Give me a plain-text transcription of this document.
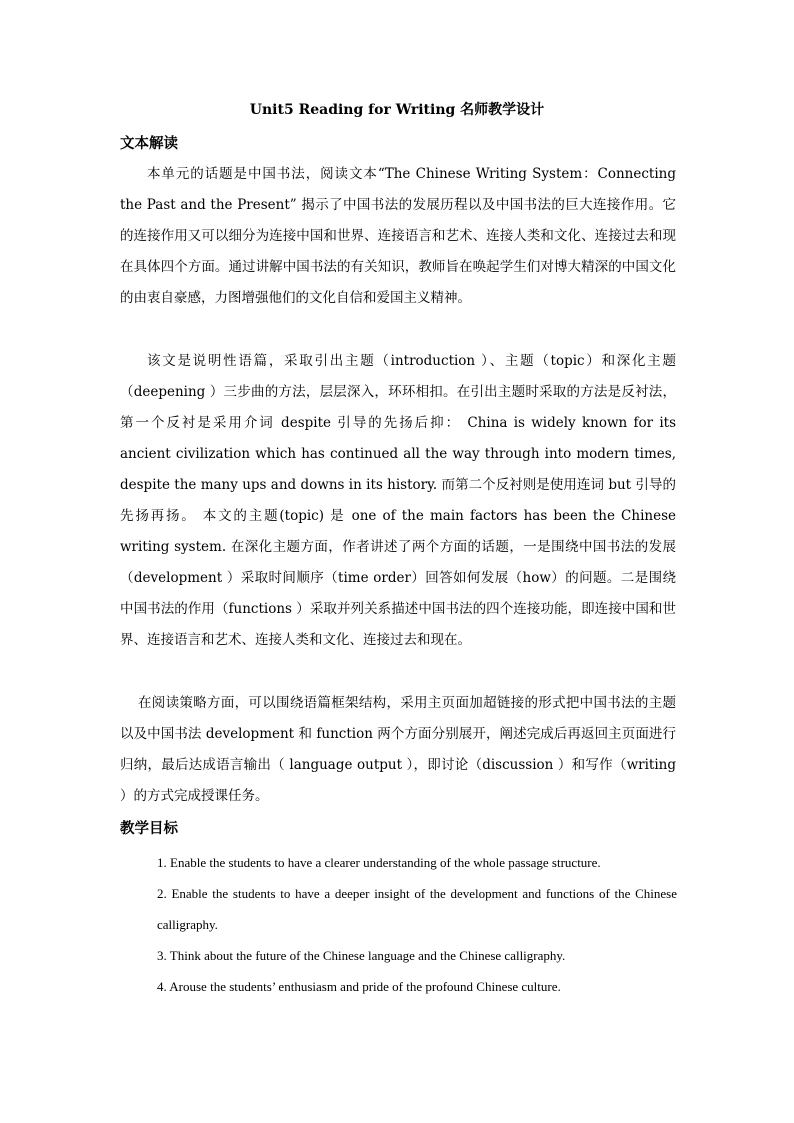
Unit5 Reading for Writing 名师教学设计
文本解读
本单元的话题是中国书法，阅读文本“The Chinese Writing System：Connecting the Past and the Present” 揭示了中国书法的发展历程以及中国书法的巨大连接作用。它的连接作用又可以细分为连接中国和世界、连接语言和艺术、连接人类和文化、连接过去和现在具体四个方面。通过讲解中国书法的有关知识，教师旨在唤起学生们对博大精深的中国文化的由衷自豪感，力图增强他们的文化自信和爱国主义精神。
该文是说明性语篇，采取引出主题（introduction ）、主题（topic）和深化主题（deepening ）三步曲的方法，层层深入，环环相扣。在引出主题时采取的方法是反衬法，第一个反衬是采用介词 despite 引导的先扬后抑： China is widely known for its ancient civilization which has continued all the way through into modern times, despite the many ups and downs in its history. 而第二个反衬则是使用连词 but 引导的先扬再扬。 本文的主题(topic) 是 one of the main factors has been the Chinese writing system. 在深化主题方面，作者讲述了两个方面的话题，一是围绕中国书法的发展（development ）采取时间顺序（time order）回答如何发展（how）的问题。二是围绕中国书法的作用（functions ）采取并列关系描述中国书法的四个连接功能，即连接中国和世界、连接语言和艺术、连接人类和文化、连接过去和现在。
在阅读策略方面，可以围绕语篇框架结构，采用主页面加超链接的形式把中国书法的主题以及中国书法 development 和 function 两个方面分别展开，阐述完成后再返回主页面进行归纳，最后达成语言输出（ language output ），即讨论（discussion ）和写作（writing ）的方式完成授课任务。
教学目标
1. Enable the students to have a clearer understanding of the whole passage structure.
2. Enable the students to have a deeper insight of the development and functions of the Chinese calligraphy.
3. Think about the future of the Chinese language and the Chinese calligraphy.
4. Arouse the students’ enthusiasm and pride of the profound Chinese culture.
